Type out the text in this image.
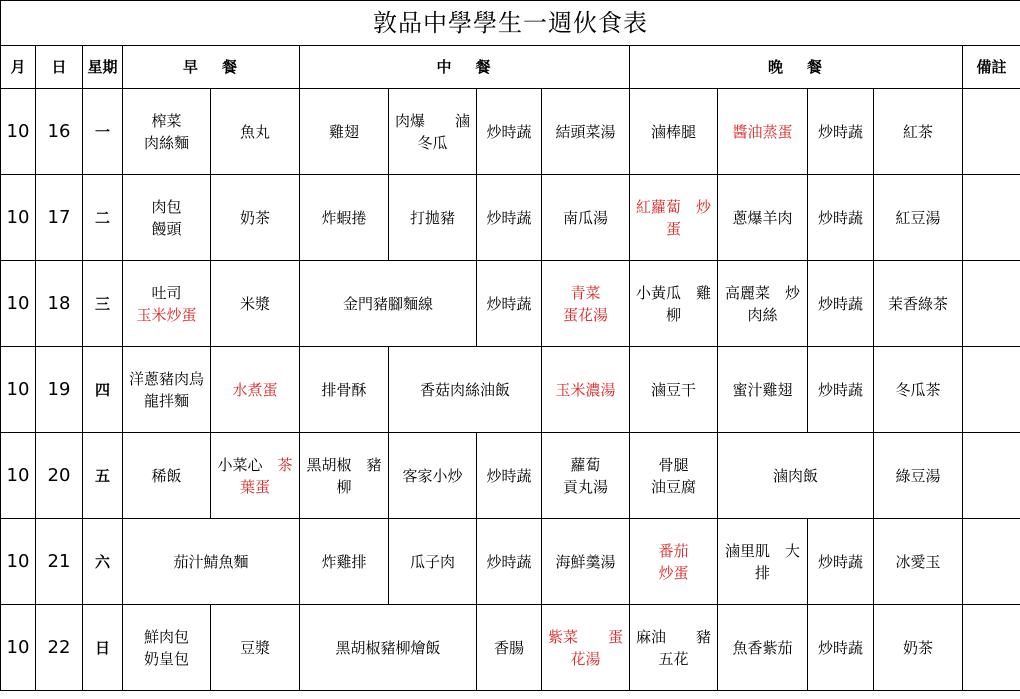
敦品中學學生一週伙食表													
月	日	星期	早餐		中餐				晚餐				備註
10	16	一	榨菜
肉絲麵	魚丸	雞翅	肉爆　　滷
冬瓜	炒時蔬	結頭菜湯	滷棒腿	醬油蒸蛋	炒時蔬	紅茶	

10	17	二	肉包
饅頭	奶茶	炸蝦捲	打拋豬	炒時蔬	南瓜湯	紅蘿蔔　炒
蛋	蔥爆羊肉	炒時蔬	紅豆湯	

10	18	三	吐司
玉米炒蛋	米漿	金門豬腳麵線		炒時蔬	青菜
蛋花湯	小黃瓜　雞
柳	高麗菜　炒
肉絲	炒時蔬	茉香綠茶	

10	19	四	洋蔥豬肉烏
龍拌麵	水煮蛋	排骨酥	香菇肉絲油飯		玉米濃湯	滷豆干	蜜汁雞翅	炒時蔬	冬瓜茶	

10	20	五	稀飯	小菜心　茶
葉蛋	黑胡椒　豬
柳	客家小炒	炒時蔬	蘿蔔
貢丸湯	骨腿
油豆腐	滷肉飯		綠豆湯	

10	21	六	茄汁鯖魚麵		炸雞排	瓜子肉	炒時蔬	海鮮羹湯	番茄
炒蛋	滷里肌　大
排	炒時蔬	冰愛玉	

10	22	日	鮮肉包
奶皇包	豆漿	黑胡椒豬柳燴飯		香腸	紫菜　　蛋
花湯	麻油　　豬
五花	魚香紫茄	炒時蔬	奶茶	
